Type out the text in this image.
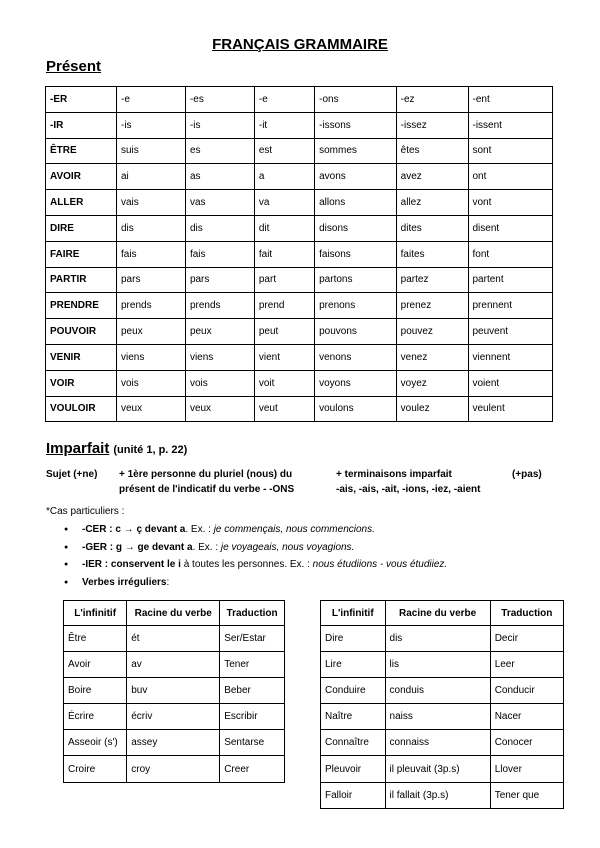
FRANÇAIS GRAMMAIRE
Présent
-ER	-e	-es	-e	-ons	-ez	-ent
-IR	-is	-is	-it	-issons	-issez	-issent
ÊTRE	suis	es	est	sommes	êtes	sont
AVOIR	ai	as	a	avons	avez	ont
ALLER	vais	vas	va	allons	allez	vont
DIRE	dis	dis	dit	disons	dites	disent
FAIRE	fais	fais	fait	faisons	faites	font
PARTIR	pars	pars	part	partons	partez	partent
PRENDRE	prends	prends	prend	prenons	prenez	prennent
POUVOIR	peux	peux	peut	pouvons	pouvez	peuvent
VENIR	viens	viens	vient	venons	venez	viennent
VOIR	vois	vois	voit	voyons	voyez	voient
VOULOIR	veux	veux	veut	voulons	voulez	veulent
Imparfait (unité 1, p. 22)
Sujet (+ne) + 1ère personne du pluriel (nous) du
présent de l'indicatif du verbe - -ONS
+ terminaisons imparfait
-ais, -ais, -ait, -ions, -iez, -aient
(+pas)
*Cas particuliers :
● -CER : c → ç devant a. Ex. : je commençais, nous commencions.
● -GER : g → ge devant a. Ex. : je voyageais, nous voyagions.
● -IER : conservent le i à toutes les personnes. Ex. : nous étudiions - vous étudiiez.
● Verbes irréguliers:
L'infinitif	Racine du verbe	Traduction
Être	ét	Ser/Estar
Avoir	av	Tener
Boire	buv	Beber
Écrire	écriv	Escribir
Asseoir (s')	assey	Sentarse
Croire	croy	Creer
L'infinitif	Racine du verbe	Traduction
Dire	dis	Decir
Lire	lis	Leer
Conduire	conduis	Conducir
Naître	naiss	Nacer
Connaître	connaiss	Conocer
Pleuvoir	il pleuvait (3p.s)	Llover
Falloir	il fallait (3p.s)	Tener que
